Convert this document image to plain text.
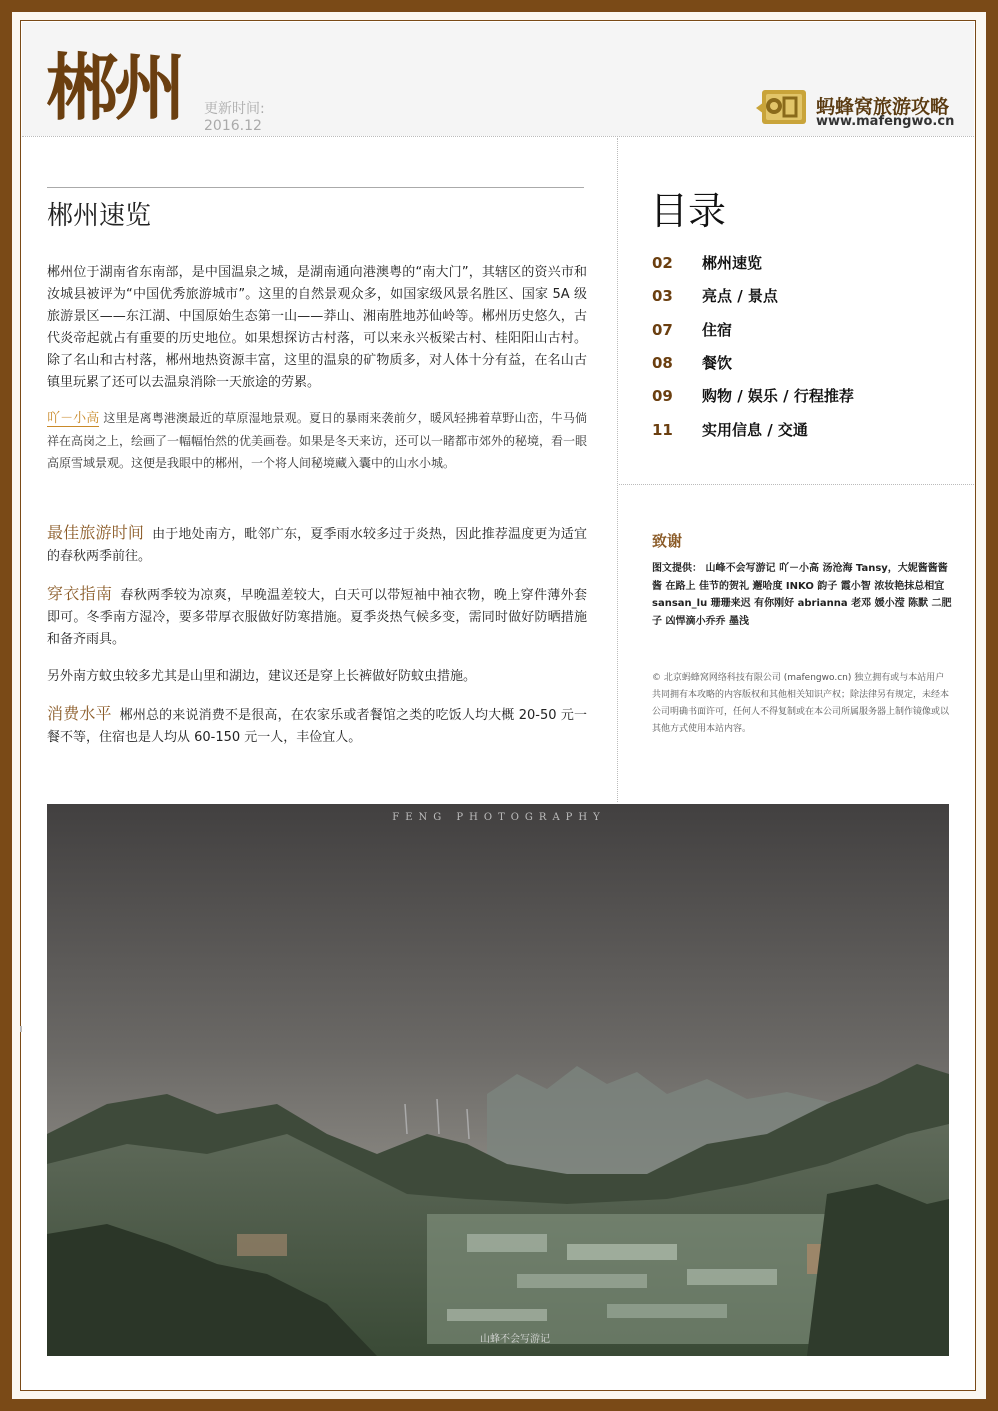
郴州 更新时间:
2016.12
蚂蜂窝旅游攻略
www.mafengwo.cn
郴州速览
郴州位于湖南省东南部，是中国温泉之城，是湖南通向港澳粤的“南大门”，其辖区的资兴市和汝城县被评为“中国优秀旅游城市”。这里的自然景观众多，如国家级风景名胜区、国家 5A 级旅游景区——东江湖、中国原始生态第一山——莽山、湘南胜地苏仙岭等。郴州历史悠久，古代炎帝起就占有重要的历史地位。如果想探访古村落，可以来永兴板梁古村、桂阳阳山古村。除了名山和古村落，郴州地热资源丰富，这里的温泉的矿物质多，对人体十分有益，在名山古镇里玩累了还可以去温泉消除一天旅途的劳累。
吖－小高 这里是离粤港澳最近的草原湿地景观。夏日的暴雨来袭前夕，暖风轻拂着草野山峦，牛马倘祥在高岗之上，绘画了一幅幅怡然的优美画卷。如果是冬天来访，还可以一睹都市郊外的秘境，看一眼高原雪域景观。这便是我眼中的郴州，一个将人间秘境藏入囊中的山水小城。
最佳旅游时间 由于地处南方，毗邻广东，夏季雨水较多过于炎热，因此推荐温度更为适宜的春秋两季前往。
穿衣指南 春秋两季较为凉爽，早晚温差较大，白天可以带短袖中袖衣物，晚上穿件薄外套即可。冬季南方湿冷，要多带厚衣服做好防寒措施。夏季炎热气候多变，需同时做好防晒措施和备齐雨具。
另外南方蚊虫较多尤其是山里和湖边，建议还是穿上长裤做好防蚊虫措施。
消费水平 郴州总的来说消费不是很高，在农家乐或者餐馆之类的吃饭人均大概 20-50 元一餐不等，住宿也是人均从 60-150 元一人，丰俭宜人。
目录
02 郴州速览
03 亮点 / 景点
07 住宿
08 餐饮
09 购物 / 娱乐 / 行程推荐
11 实用信息 / 交通
致谢
图文提供： 山峰不会写游记 吖－小高 汤沧海 Tansy，大妮酱酱酱酱 在路上 佳节的贺礼 邂哈度 INKO 韵子 霞小智 浓妆艳抹总相宜 sansan_lu 珊珊来迟 有你刚好 abrianna 老邓 媛小滢 陈默 二肥子 凶悍滴小乔乔 墨浅
© 北京蚂蜂窝网络科技有限公司 (mafengwo.cn) 独立拥有或与本站用户共同拥有本攻略的内容版权和其他相关知识产权；除法律另有规定，未经本公司明确书面许可，任何人不得复制或在本公司所属服务器上制作镜像或以其他方式使用本站内容。
FENG PHOTOGRAPHY
山蜂不会写游记
